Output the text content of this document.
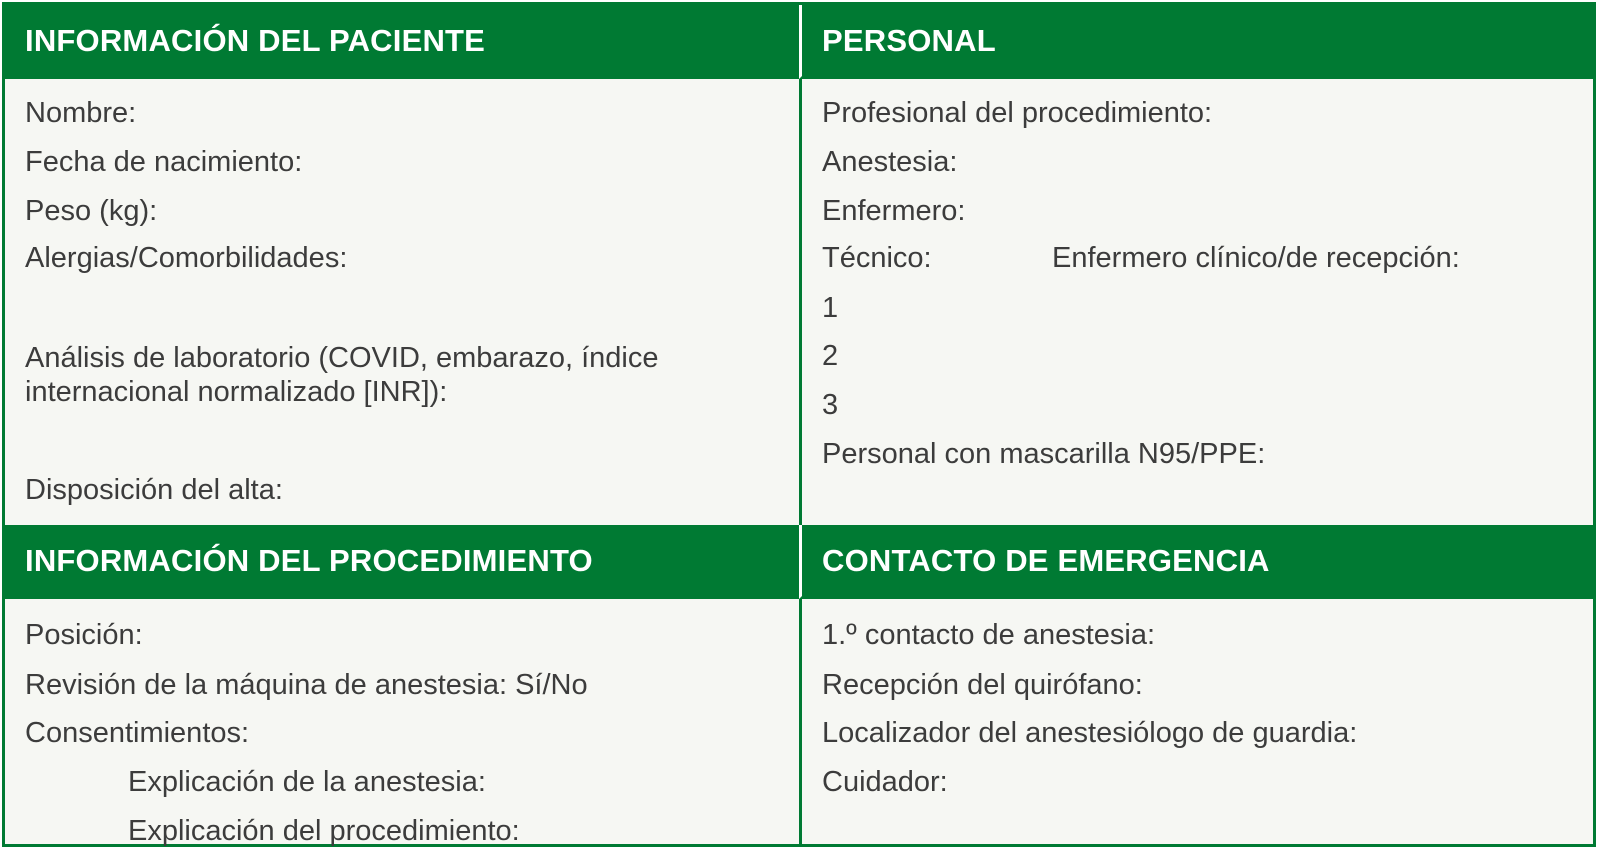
INFORMACIÓN DEL PACIENTE	PERSONAL
Nombre:
Fecha de nacimiento:
Peso (kg):
Alergias/Comorbilidades:
Análisis de laboratorio (COVID, embarazo, índice internacional normalizado [INR]):
Disposición del alta:
Profesional del procedimiento:
Anestesia:
Enfermero:
Técnico:	Enfermero clínico/de recepción:
1
2
3
Personal con mascarilla N95/PPE:
INFORMACIÓN DEL PROCEDIMIENTO	CONTACTO DE EMERGENCIA
Posición:
Revisión de la máquina de anestesia: Sí/No
Consentimientos:
Explicación de la anestesia:
Explicación del procedimiento:
1.º contacto de anestesia:
Recepción del quirófano:
Localizador del anestesiólogo de guardia:
Cuidador:
